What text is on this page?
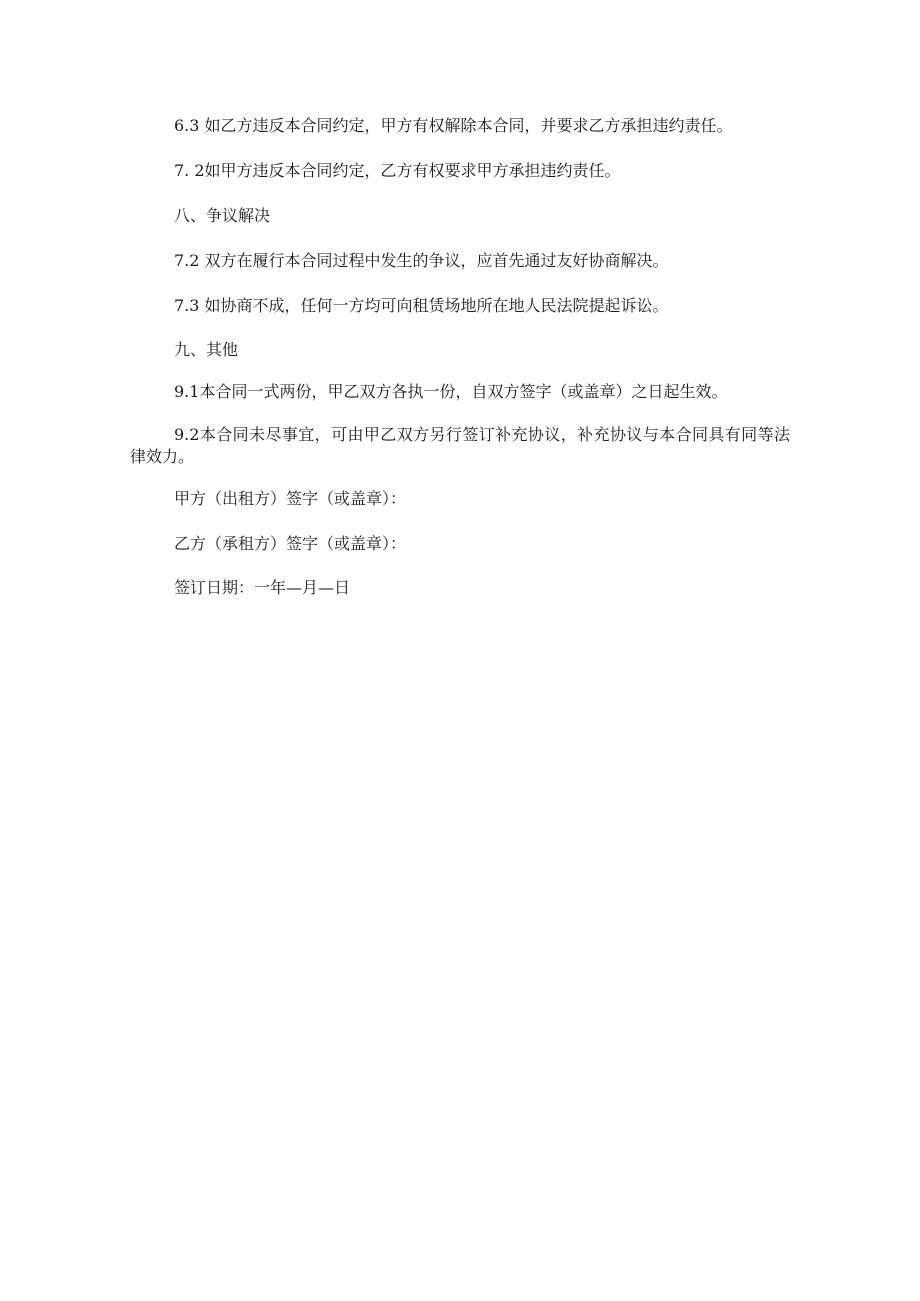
6.3 如乙方违反本合同约定，甲方有权解除本合同，并要求乙方承担违约责任。
7. 2如甲方违反本合同约定，乙方有权要求甲方承担违约责任。
八、争议解决
7.2 双方在履行本合同过程中发生的争议，应首先通过友好协商解决。
7.3 如协商不成，任何一方均可向租赁场地所在地人民法院提起诉讼。
九、其他
9.1本合同一式两份，甲乙双方各执一份，自双方签字（或盖章）之日起生效。
9.2本合同未尽事宜，可由甲乙双方另行签订补充协议，补充协议与本合同具有同等法律效力。
甲方（出租方）签字（或盖章）：
乙方（承租方）签字（或盖章）：
签订日期：一年—月—日
